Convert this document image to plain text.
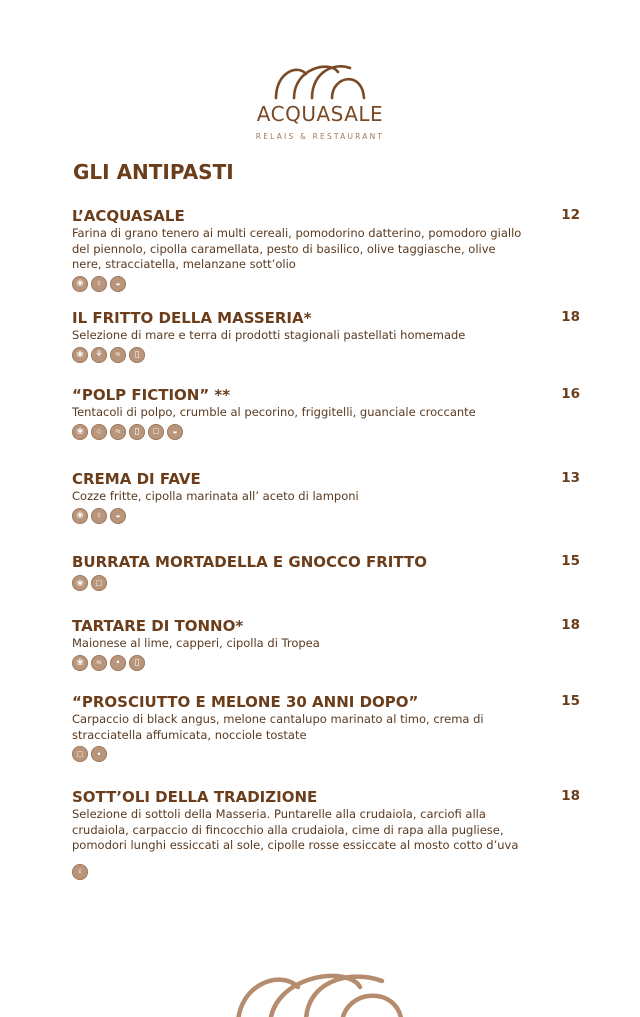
ACQUASALE
RELAIS & RESTAURANT
GLI ANTIPASTI
L’ACQUASALE	12
Farina di grano tenero ai multi cereali, pomodorino datterino, pomodoro giallo del piennolo, cipolla caramellata, pesto di basilico, olive taggiasche, olive nere, stracciatella, melanzane sott’olio
❀	♀	◒
IL FRITTO DELLA MASSERIA*	18
Selezione di mare e terra di prodotti stagionali pastellati homemade
❀	⚘	≈	▯
“POLP FICTION” **	16
Tentacoli di polpo, crumble al pecorino, friggitelli, guanciale croccante
❀	○	≈	▯	□	◒
CREMA DI FAVE	13
Cozze fritte, cipolla marinata all’ aceto di lamponi
❀	♀	◒
BURRATA MORTADELLA E GNOCCO FRITTO	15
❀	□
TARTARE DI TONNO*	18
Maionese al lime, capperi, cipolla di Tropea
❀	≈	•	▯
“PROSCIUTTO E MELONE 30 ANNI DOPO”	15
Carpaccio di black angus, melone cantalupo marinato al timo, crema di stracciatella affumicata, nocciole tostate
□	•
SOTT’OLI DELLA TRADIZIONE	18
Selezione di sottoli della Masseria. Puntarelle alla crudaiola, carciofi alla crudaiola, carpaccio di fincocchio alla crudaiola, cime di rapa alla pugliese, pomodori lunghi essiccati al sole, cipolle rosse essiccate al mosto cotto d’uva
♀
